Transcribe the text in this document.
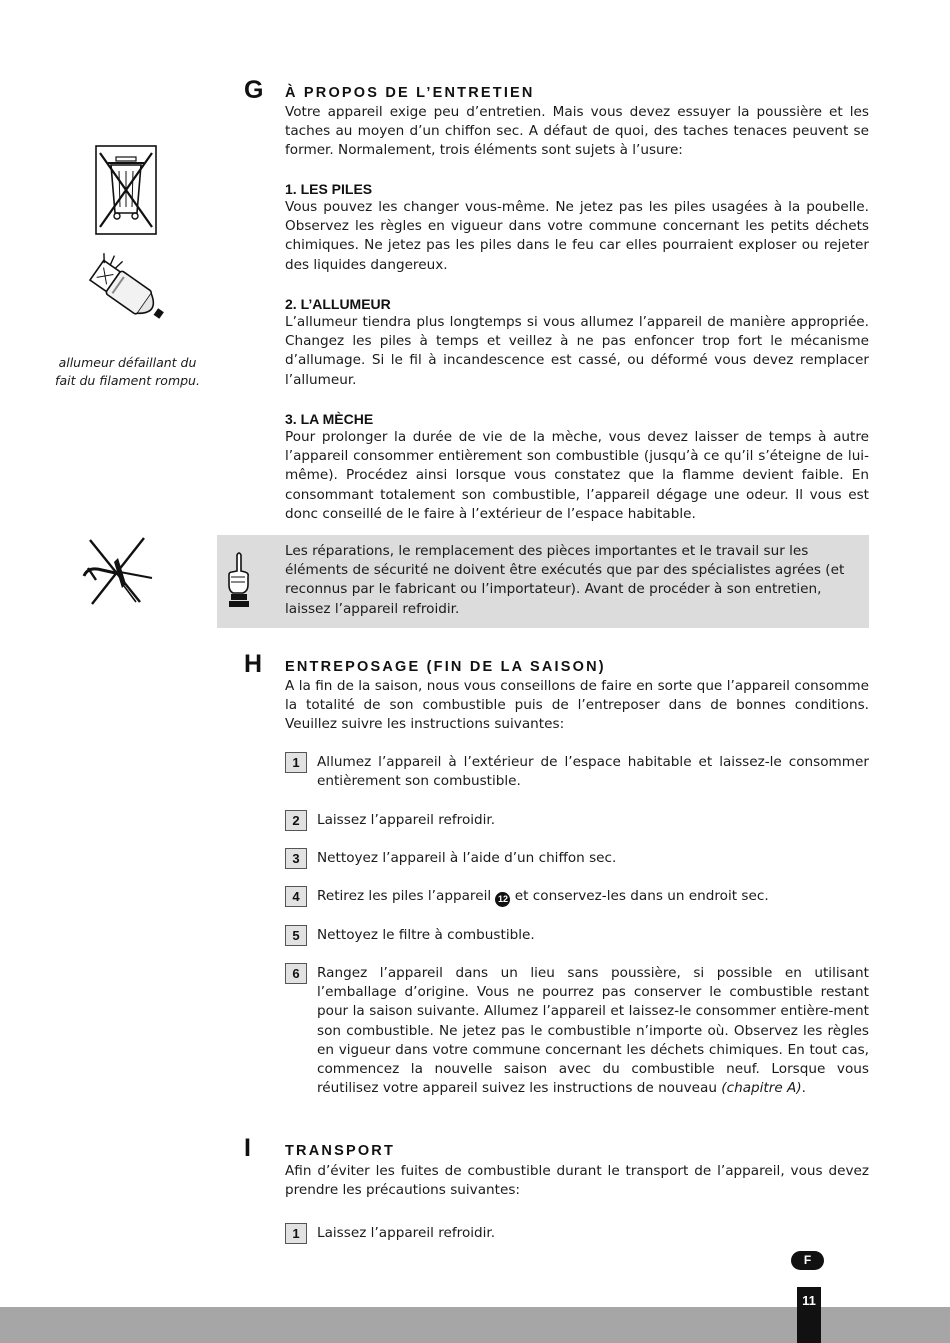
allumeur défaillant du fait du filament rompu.
G À PROPOS DE L’ENTRETIEN
Votre appareil exige peu d’entretien. Mais vous devez essuyer la poussière et les taches au moyen d’un chiffon sec. A défaut de quoi, des taches tenaces peuvent se former. Normalement, trois éléments sont sujets à l’usure:
1. LES PILES
Vous pouvez les changer vous-même. Ne jetez pas les piles usagées à la poubelle. Observez les règles en vigueur dans votre commune concernant les petits déchets chimiques. Ne jetez pas les piles dans le feu car elles pourraient exploser ou rejeter des liquides dangereux.
2. L’ALLUMEUR
L’allumeur tiendra plus longtemps si vous allumez l’appareil de manière appropriée. Changez les piles à temps et veillez à ne pas enfoncer trop fort le mécanisme d’allumage. Si le fil à incandescence est cassé, ou déformé vous devez remplacer l’allumeur.
3. LA MÈCHE
Pour prolonger la durée de vie de la mèche, vous devez laisser de temps à autre l’appareil consommer entièrement son combustible (jusqu’à ce qu’il s’éteigne de lui-même). Procédez ainsi lorsque vous constatez que la flamme devient faible. En consommant totalement son combustible, l’appareil dégage une odeur. Il vous est donc conseillé de le faire à l’extérieur de l’espace habitable.
Les réparations, le remplacement des pièces importantes et le travail sur les éléments de sécurité ne doivent être exécutés que par des spécialistes agrées (et reconnus par le fabricant ou l’importateur). Avant de procéder à son entretien, laissez l’appareil refroidir.
H ENTREPOSAGE (FIN DE LA SAISON)
A la fin de la saison, nous vous conseillons de faire en sorte que l’appareil consomme la totalité de son combustible puis de l’entreposer dans de bonnes conditions. Veuillez suivre les instructions suivantes:
1	Allumez l’appareil à l’extérieur de l’espace habitable et laissez-le consommer entièrement son combustible.
2	Laissez l’appareil refroidir.
3	Nettoyez l’appareil à l’aide d’un chiffon sec.
4	Retirez les piles l’appareil 12 et conservez-les dans un endroit sec.
5	Nettoyez le filtre à combustible.
6	Rangez l’appareil dans un lieu sans poussière, si possible en utilisant l’emballage d’origine. Vous ne pourrez pas conserver le combustible restant pour la saison suivante. Allumez l’appareil et laissez-le consommer entière-ment son combustible. Ne jetez pas le combustible n’importe où. Observez les règles en vigueur dans votre commune concernant les déchets chimiques. En tout cas, commencez la nouvelle saison avec du combustible neuf. Lorsque vous réutilisez votre appareil suivez les instructions de nouveau (chapitre A).
I TRANSPORT
Afin d’éviter les fuites de combustible durant le transport de l’appareil, vous devez prendre les précautions suivantes:
1	Laissez l’appareil refroidir.
F
11
